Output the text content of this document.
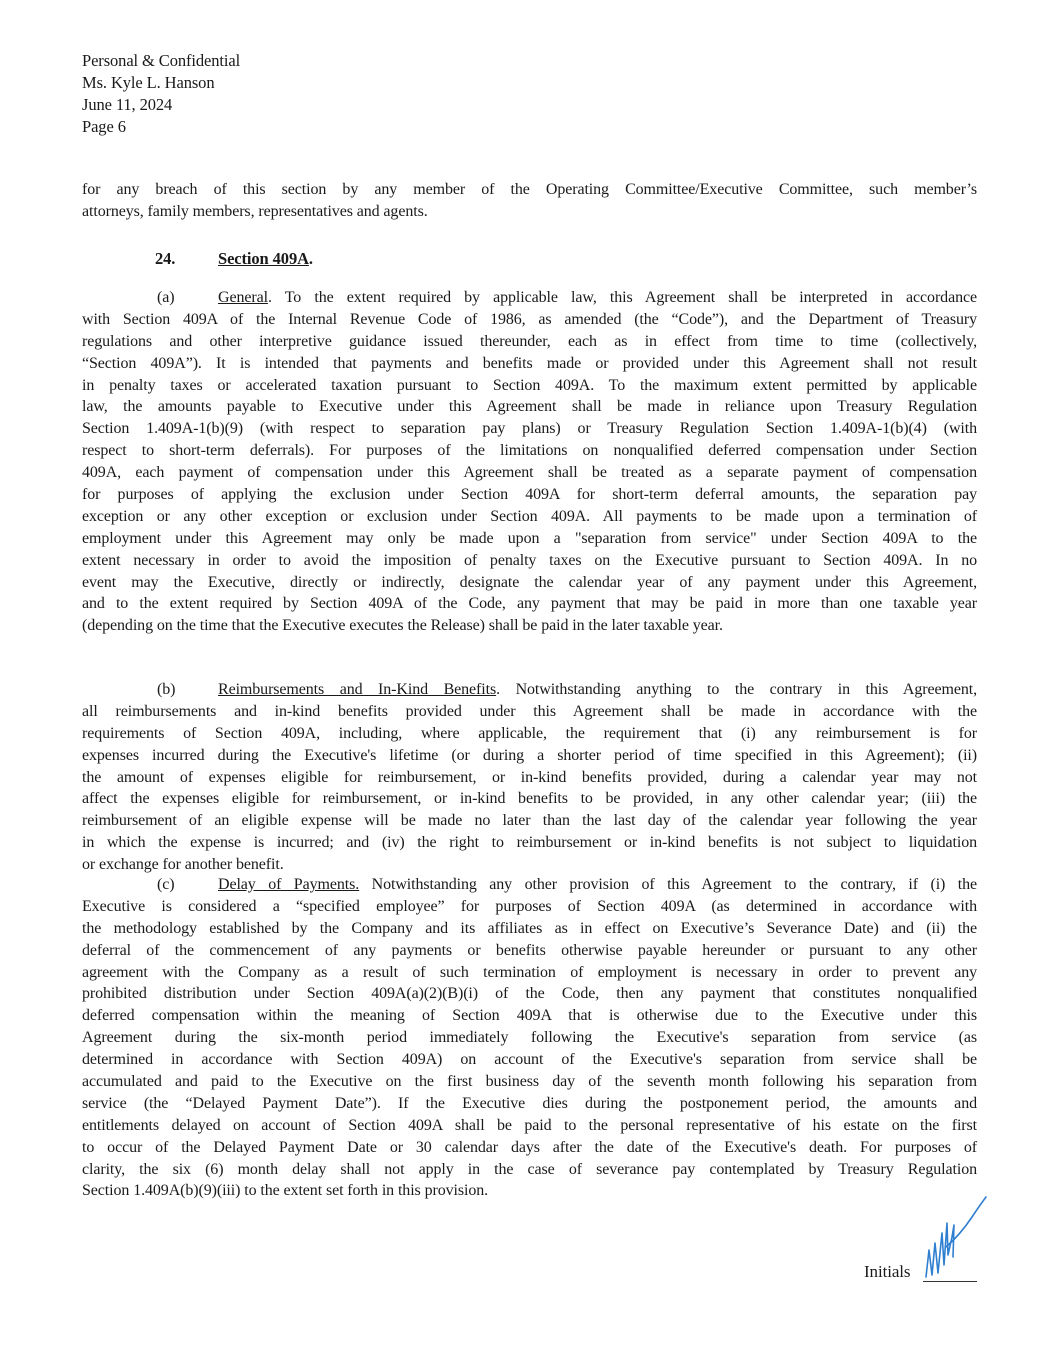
Personal & Confidential
Ms. Kyle L. Hanson
June 11, 2024
Page 6
for any breach of this section by any member of the Operating Committee/Executive Committee, such member’s
attorneys, family members, representatives and agents.
24.	Section 409A.
(a)	General. To the extent required by applicable law, this Agreement shall be interpreted in accordance
with Section 409A of the Internal Revenue Code of 1986, as amended (the “Code”), and the Department of Treasury
regulations and other interpretive guidance issued thereunder, each as in effect from time to time (collectively,
“Section 409A”). It is intended that payments and benefits made or provided under this Agreement shall not result
in penalty taxes or accelerated taxation pursuant to Section 409A. To the maximum extent permitted by applicable
law, the amounts payable to Executive under this Agreement shall be made in reliance upon Treasury Regulation
Section 1.409A-1(b)(9) (with respect to separation pay plans) or Treasury Regulation Section 1.409A-1(b)(4) (with
respect to short-term deferrals). For purposes of the limitations on nonqualified deferred compensation under Section
409A, each payment of compensation under this Agreement shall be treated as a separate payment of compensation
for purposes of applying the exclusion under Section 409A for short-term deferral amounts, the separation pay
exception or any other exception or exclusion under Section 409A. All payments to be made upon a termination of
employment under this Agreement may only be made upon a "separation from service" under Section 409A to the
extent necessary in order to avoid the imposition of penalty taxes on the Executive pursuant to Section 409A. In no
event may the Executive, directly or indirectly, designate the calendar year of any payment under this Agreement,
and to the extent required by Section 409A of the Code, any payment that may be paid in more than one taxable year
(depending on the time that the Executive executes the Release) shall be paid in the later taxable year.
(b)	Reimbursements and In-Kind Benefits. Notwithstanding anything to the contrary in this Agreement,
all reimbursements and in-kind benefits provided under this Agreement shall be made in accordance with the
requirements of Section 409A, including, where applicable, the requirement that (i) any reimbursement is for
expenses incurred during the Executive's lifetime (or during a shorter period of time specified in this Agreement); (ii)
the amount of expenses eligible for reimbursement, or in-kind benefits provided, during a calendar year may not
affect the expenses eligible for reimbursement, or in-kind benefits to be provided, in any other calendar year; (iii) the
reimbursement of an eligible expense will be made no later than the last day of the calendar year following the year
in which the expense is incurred; and (iv) the right to reimbursement or in-kind benefits is not subject to liquidation
or exchange for another benefit.
(c)	Delay of Payments. Notwithstanding any other provision of this Agreement to the contrary, if (i) the
Executive is considered a “specified employee” for purposes of Section 409A (as determined in accordance with
the methodology established by the Company and its affiliates as in effect on Executive’s Severance Date) and (ii) the
deferral of the commencement of any payments or benefits otherwise payable hereunder or pursuant to any other
agreement with the Company as a result of such termination of employment is necessary in order to prevent any
prohibited distribution under Section 409A(a)(2)(B)(i) of the Code, then any payment that constitutes nonqualified
deferred compensation within the meaning of Section 409A that is otherwise due to the Executive under this
Agreement during the six-month period immediately following the Executive's separation from service (as
determined in accordance with Section 409A) on account of the Executive's separation from service shall be
accumulated and paid to the Executive on the first business day of the seventh month following his separation from
service (the “Delayed Payment Date”). If the Executive dies during the postponement period, the amounts and
entitlements delayed on account of Section 409A shall be paid to the personal representative of his estate on the first
to occur of the Delayed Payment Date or 30 calendar days after the date of the Executive's death. For purposes of
clarity, the six (6) month delay shall not apply in the case of severance pay contemplated by Treasury Regulation
Section 1.409A(b)(9)(iii) to the extent set forth in this provision.
Initials
